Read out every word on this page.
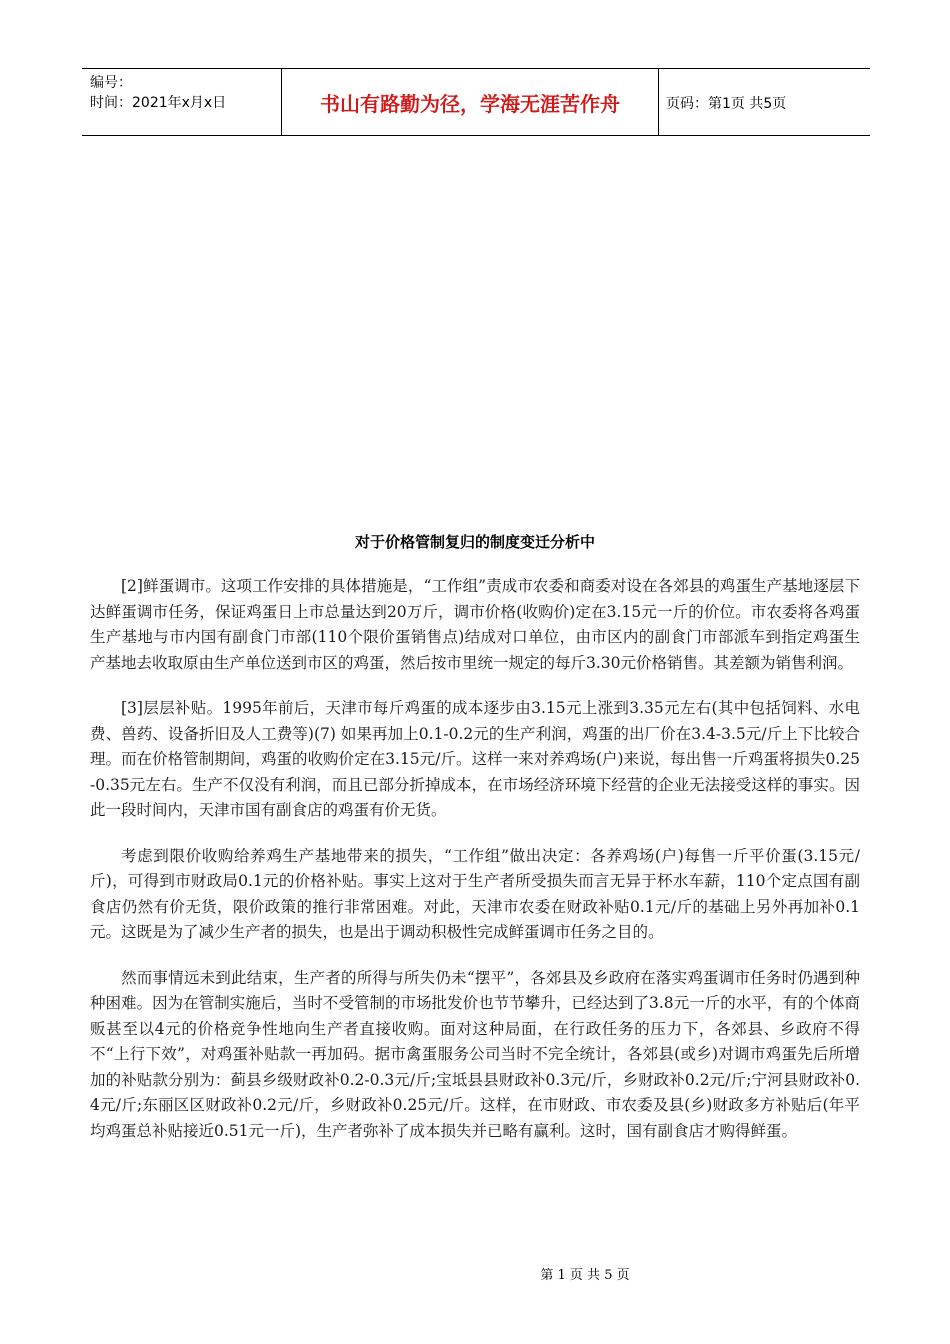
编号：
时间：2021年x月x日	书山有路勤为径，学海无涯苦作舟	页码：第1页 共5页
对于价格管制复归的制度变迁分析中

[2]鲜蛋调市。这项工作安排的具体措施是，“工作组”责成市农委和商委对设在各郊县的鸡蛋生产基地逐层下达鲜蛋调市任务，保证鸡蛋日上市总量达到20万斤，调市价格(收购价)定在3.15元一斤的价位。市农委将各鸡蛋生产基地与市内国有副食门市部(110个限价蛋销售点)结成对口单位，由市区内的副食门市部派车到指定鸡蛋生产基地去收取原由生产单位送到市区的鸡蛋，然后按市里统一规定的每斤3.30元价格销售。其差额为销售利润。

[3]层层补贴。1995年前后，天津市每斤鸡蛋的成本逐步由3.15元上涨到3.35元左右(其中包括饲料、水电费、兽药、设备折旧及人工费等)(7) 如果再加上0.1-0.2元的生产利润，鸡蛋的出厂价在3.4-3.5元/斤上下比较合理。而在价格管制期间，鸡蛋的收购价定在3.15元/斤。这样一来对养鸡场(户)来说，每出售一斤鸡蛋将损失0.25-0.35元左右。生产不仅没有利润，而且已部分折掉成本，在市场经济环境下经营的企业无法接受这样的事实。因此一段时间内，天津市国有副食店的鸡蛋有价无货。

考虑到限价收购给养鸡生产基地带来的损失，“工作组”做出决定：各养鸡场(户)每售一斤平价蛋(3.15元/斤)，可得到市财政局0.1元的价格补贴。事实上这对于生产者所受损失而言无异于杯水车薪，110个定点国有副食店仍然有价无货，限价政策的推行非常困难。对此，天津市农委在财政补贴0.1元/斤的基础上另外再加补0.1元。这既是为了减少生产者的损失，也是出于调动积极性完成鲜蛋调市任务之目的。

然而事情远未到此结束，生产者的所得与所失仍未“摆平”，各郊县及乡政府在落实鸡蛋调市任务时仍遇到种种困难。因为在管制实施后，当时不受管制的市场批发价也节节攀升，已经达到了3.8元一斤的水平，有的个体商贩甚至以4元的价格竞争性地向生产者直接收购。面对这种局面，在行政任务的压力下，各郊县、乡政府不得不“上行下效”，对鸡蛋补贴款一再加码。据市禽蛋服务公司当时不完全统计，各郊县(或乡)对调市鸡蛋先后所增加的补贴款分别为：蓟县乡级财政补0.2-0.3元/斤;宝坻县县财政补0.3元/斤，乡财政补0.2元/斤;宁河县财政补0.4元/斤;东丽区区财政补0.2元/斤，乡财政补0.25元/斤。这样，在市财政、市农委及县(乡)财政多方补贴后(年平均鸡蛋总补贴接近0.51元一斤)，生产者弥补了成本损失并已略有赢利。这时，国有副食店才购得鲜蛋。

第 1 页 共 5 页
